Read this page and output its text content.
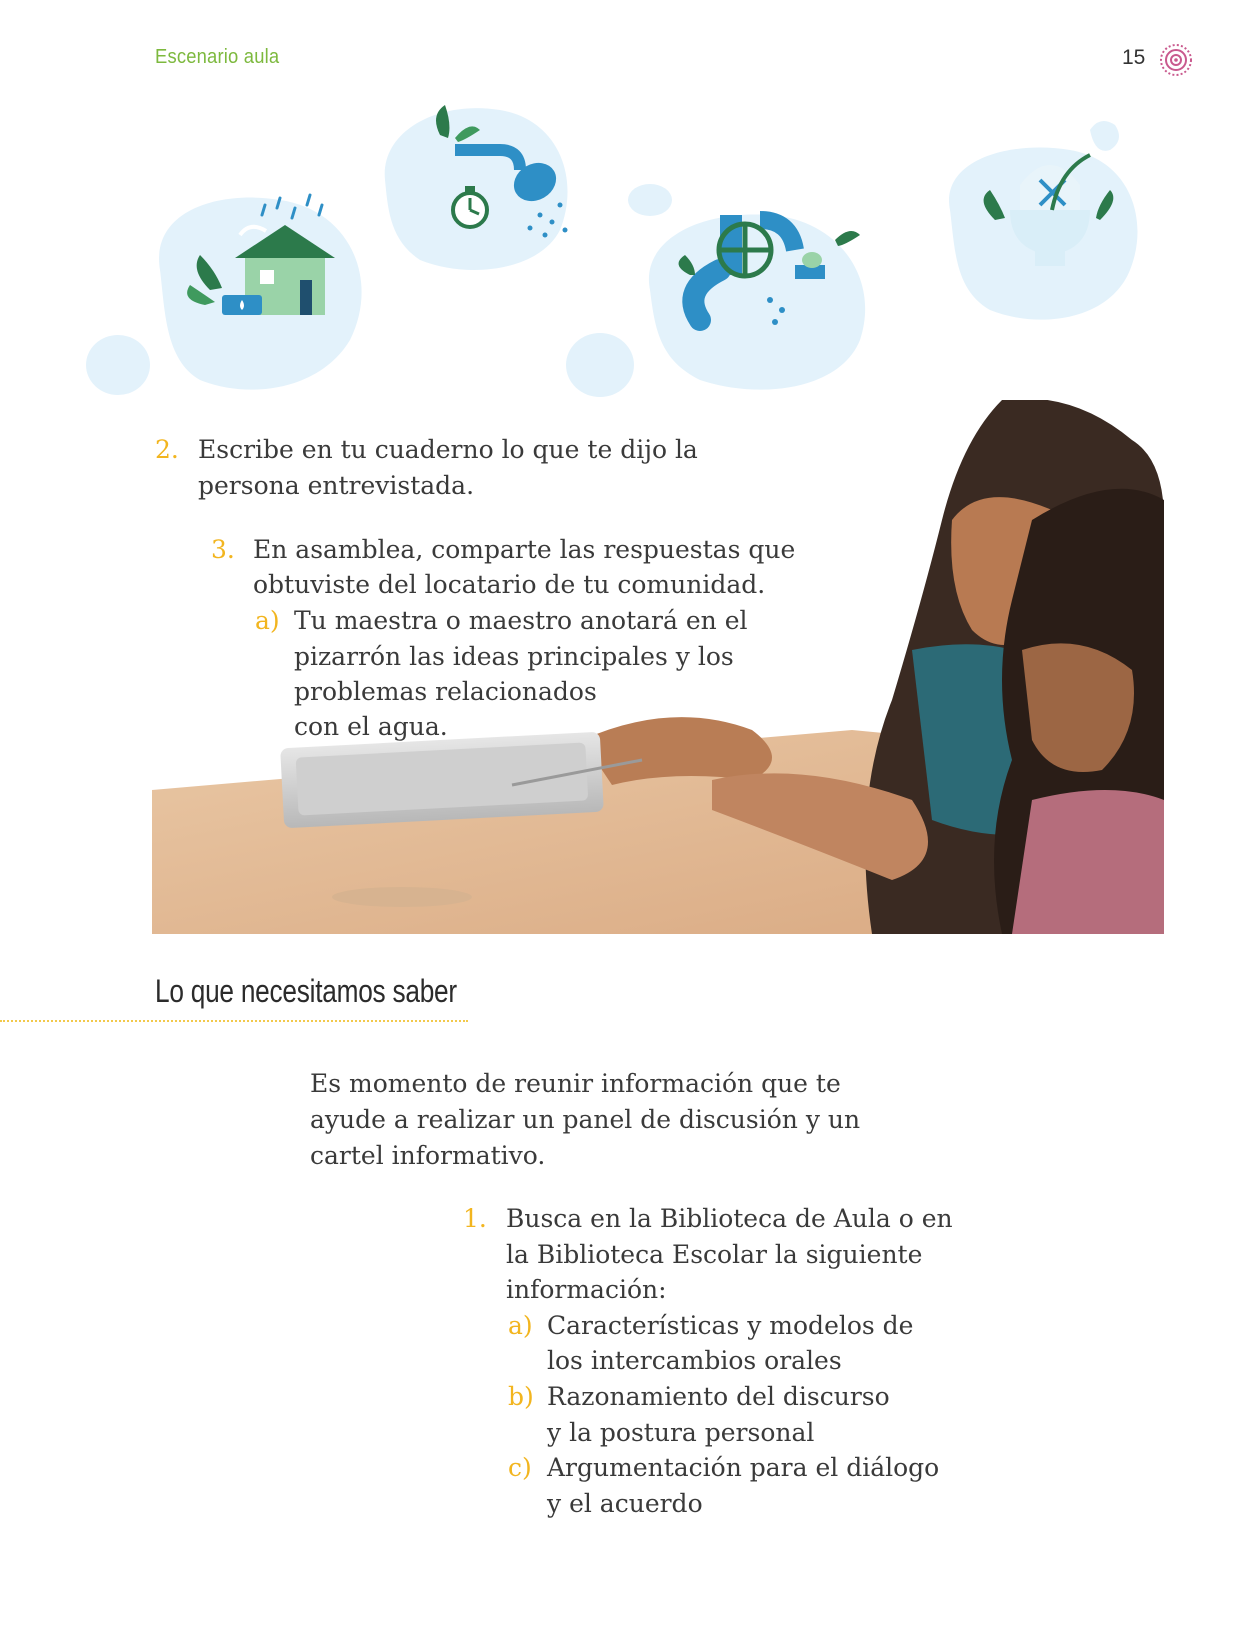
Escenario aula	15
2. Escribe en tu cuaderno lo que te dijo la
persona entrevistada.
3. En asamblea, comparte las respuestas que
obtuviste del locatario de tu comunidad.
a) Tu maestra o maestro anotará en el
pizarrón las ideas principales y los
problemas relacionados
con el agua.
Lo que necesitamos saber
Es momento de reunir información que te
ayude a realizar un panel de discusión y un
cartel informativo.
1. Busca en la Biblioteca de Aula o en
la Biblioteca Escolar la siguiente
información:
a) Características y modelos de
los intercambios orales
b) Razonamiento del discurso
y la postura personal
c) Argumentación para el diálogo
y el acuerdo
